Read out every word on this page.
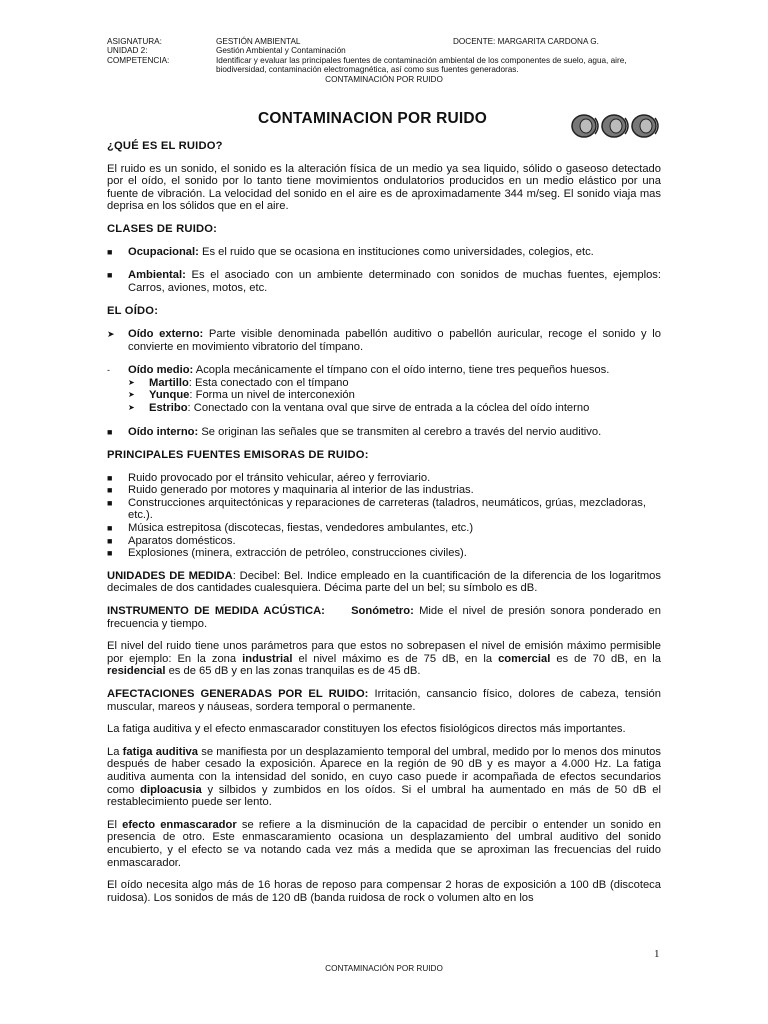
ASIGNATURA:	GESTIÓN AMBIENTAL	DOCENTE: MARGARITA CARDONA G.
UNIDAD 2:	Gestión Ambiental y Contaminación
COMPETENCIA:	Identificar y evaluar las principales fuentes de contaminación ambiental de los componentes de suelo, agua, aire, biodiversidad, contaminación electromagnética, así como sus fuentes generadoras.
CONTAMINACIÓN POR RUIDO
CONTAMINACION POR RUIDO
¿QUÉ ES EL RUIDO?

El ruido es un sonido, el sonido es la alteración física de un medio ya sea liquido, sólido o gaseoso detectado por el oído, el sonido por lo tanto tiene movimientos ondulatorios producidos en un medio elástico por una fuente de vibración. La velocidad del sonido en el aire es de aproximadamente 344 m/seg. El sonido viaja mas deprisa en los sólidos que en el aire.

CLASES DE RUIDO:
■ Ocupacional: Es el ruido que se ocasiona en instituciones como universidades, colegios, etc.
■ Ambiental: Es el asociado con un ambiente determinado con sonidos de muchas fuentes, ejemplos: Carros, aviones, motos, etc.
EL OÍDO:
➤ Oído externo: Parte visible denominada pabellón auditivo o pabellón auricular, recoge el sonido y lo convierte en movimiento vibratorio del tímpano.
- Oído medio: Acopla mecánicamente el tímpano con el oído interno, tiene tres pequeños huesos.
➤ Martillo: Esta conectado con el tímpano
➤ Yunque: Forma un nivel de interconexión
➤ Estribo: Conectado con la ventana oval que sirve de entrada a la cóclea del oído interno
■ Oído interno: Se originan las señales que se transmiten al cerebro a través del nervio auditivo.
PRINCIPALES FUENTES EMISORAS DE RUIDO:
■ Ruido provocado por el tránsito vehicular, aéreo y ferroviario.
■ Ruido generado por motores y maquinaria al interior de las industrias.
■ Construcciones arquitectónicas y reparaciones de carreteras (taladros, neumáticos, grúas, mezcladoras, etc.).
■ Música estrepitosa (discotecas, fiestas, vendedores ambulantes, etc.)
■ Aparatos domésticos.
■ Explosiones (minera, extracción de petróleo, construcciones civiles).

UNIDADES DE MEDIDA: Decibel: Bel. Indice empleado en la cuantificación de la diferencia de los logaritmos decimales de dos cantidades cualesquiera. Décima parte del un bel; su símbolo es dB.

INSTRUMENTO DE MEDIDA ACÚSTICA: Sonómetro: Mide el nivel de presión sonora ponderado en frecuencia y tiempo.

El nivel del ruido tiene unos parámetros para que estos no sobrepasen el nivel de emisión máximo permisible por ejemplo: En la zona industrial el nivel máximo es de 75 dB, en la comercial es de 70 dB, en la residencial es de 65 dB y en las zonas tranquilas es de 45 dB.

AFECTACIONES GENERADAS POR EL RUIDO: Irritación, cansancio físico, dolores de cabeza, tensión muscular, mareos y náuseas, sordera temporal o permanente.

La fatiga auditiva y el efecto enmascarador constituyen los efectos fisiológicos directos más importantes.

La fatiga auditiva se manifiesta por un desplazamiento temporal del umbral, medido por lo menos dos minutos después de haber cesado la exposición. Aparece en la región de 90 dB y es mayor a 4.000 Hz. La fatiga auditiva aumenta con la intensidad del sonido, en cuyo caso puede ir acompañada de efectos secundarios como diploacusia y silbidos y zumbidos en los oídos. Si el umbral ha aumentado en más de 50 dB el restablecimiento puede ser lento.

El efecto enmascarador se refiere a la disminución de la capacidad de percibir o entender un sonido en presencia de otro. Este enmascaramiento ocasiona un desplazamiento del umbral auditivo del sonido encubierto, y el efecto se va notando cada vez más a medida que se aproximan las frecuencias del ruido enmascarador.

El oído necesita algo más de 16 horas de reposo para compensar 2 horas de exposición a 100 dB (discoteca ruidosa). Los sonidos de más de 120 dB (banda ruidosa de rock o volumen alto en los

1
CONTAMINACIÓN POR RUIDO
